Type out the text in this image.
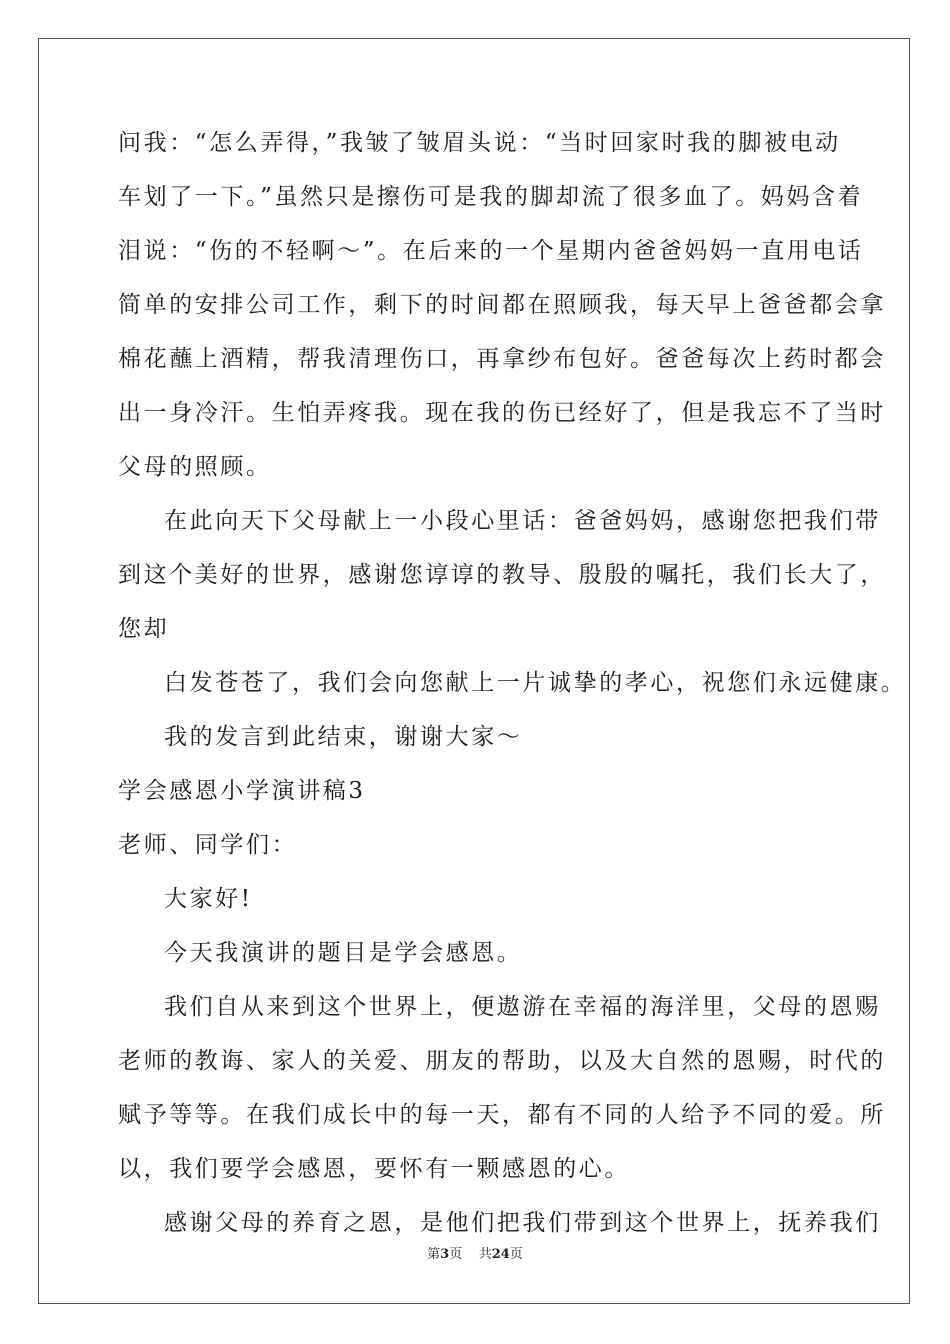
问我：“怎么弄得，”我皱了皱眉头说：“当时回家时我的脚被电动
车划了一下。”虽然只是擦伤可是我的脚却流了很多血了。妈妈含着
泪说：“伤的不轻啊～”。在后来的一个星期内爸爸妈妈一直用电话
简单的安排公司工作，剩下的时间都在照顾我，每天早上爸爸都会拿
棉花蘸上酒精，帮我清理伤口，再拿纱布包好。爸爸每次上药时都会
出一身冷汗。生怕弄疼我。现在我的伤已经好了，但是我忘不了当时
父母的照顾。
在此向天下父母献上一小段心里话：爸爸妈妈，感谢您把我们带
到这个美好的世界，感谢您谆谆的教导、殷殷的嘱托，我们长大了，
您却
白发苍苍了，我们会向您献上一片诚挚的孝心，祝您们永远健康。
我的发言到此结束，谢谢大家～
学会感恩小学演讲稿3
老师、同学们：
大家好!
今天我演讲的题目是学会感恩。
我们自从来到这个世界上，便遨游在幸福的海洋里，父母的恩赐
老师的教诲、家人的关爱、朋友的帮助，以及大自然的恩赐，时代的
赋予等等。在我们成长中的每一天，都有不同的人给予不同的爱。所
以，我们要学会感恩，要怀有一颗感恩的心。
感谢父母的养育之恩，是他们把我们带到这个世界上，抚养我们
第3页 共24页
